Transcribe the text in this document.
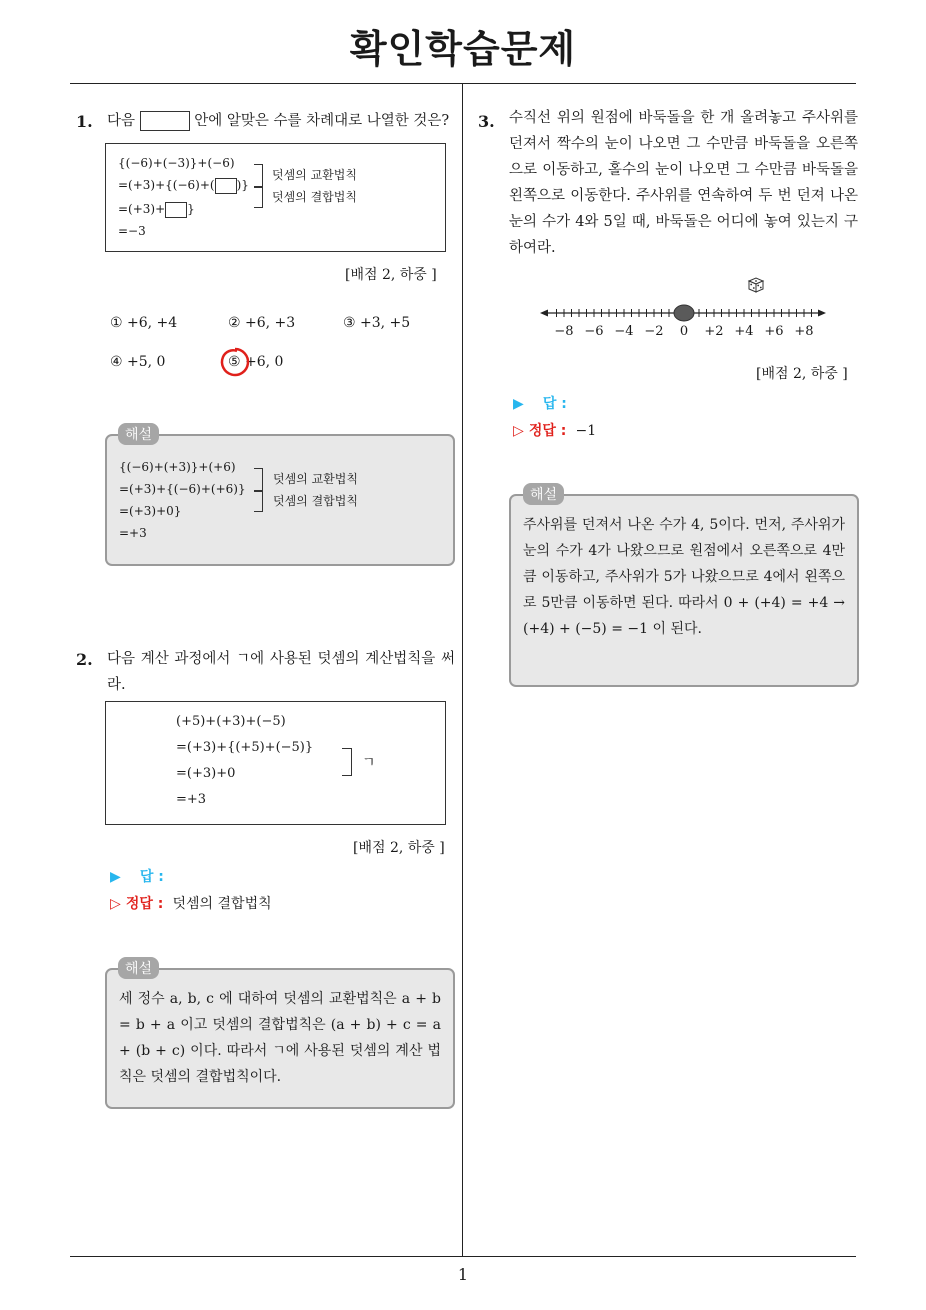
확인학습문제
1
1. 다음	안에 알맞은 수를 차례대로 나열한 것은?
{(−6)+(−3)}+(−6)
=(+3)+{(−6)+( )}
=(+3)+ }
=−3
덧셈의 교환법칙
덧셈의 결합법칙
[배점 2, 하중 ]
① +6, +4	② +6, +3	③ +3, +5
④ +5, 0	⑤ +6, 0
{(−6)+(+3)}+(+6)
=(+3)+{(−6)+(+6)}
=(+3)+0}
=+3
덧셈의 교환법칙
덧셈의 결합법칙
해설
2. 다음 계산 과정에서 ㄱ에 사용된 덧셈의 계산법칙을 써라.
(+5)+(+3)+(−5)
=(+3)+{(+5)+(−5)}
=(+3)+0
=+3
ㄱ
[배점 2, 하중 ]
▶ 답 :
▷ 정답 : 덧셈의 결합법칙
세 정수 a, b, c 에 대하여 덧셈의 교환법칙은 a + b = b + a 이고 덧셈의 결합법칙은 (a + b) + c = a + (b + c) 이다. 따라서 ㄱ에 사용된 덧셈의 계산 법칙은 덧셈의 결합법칙이다.
해설
3. 수직선 위의 원점에 바둑돌을 한 개 올려놓고 주사위를 던져서 짝수의 눈이 나오면 그 수만큼 바둑돌을 오른쪽으로 이동하고, 홀수의 눈이 나오면 그 수만큼 바둑돌을 왼쪽으로 이동한다. 주사위를 연속하여 두 번 던져 나온 눈의 수가 4와 5일 때, 바둑돌은 어디에 놓여 있는지 구하여라.
−8 −6 −4 −2 0 +2 +4 +6 +8
[배점 2, 하중 ]
▶ 답 :
▷ 정답 : −1
주사위를 던져서 나온 수가 4, 5이다. 먼저, 주사위가 눈의 수가 4가 나왔으므로 원점에서 오른쪽으로 4만큼 이동하고, 주사위가 5가 나왔으므로 4에서 왼쪽으로 5만큼 이동하면 된다. 따라서 0 + (+4) = +4 → (+4) + (−5) = −1 이 된다.
해설
